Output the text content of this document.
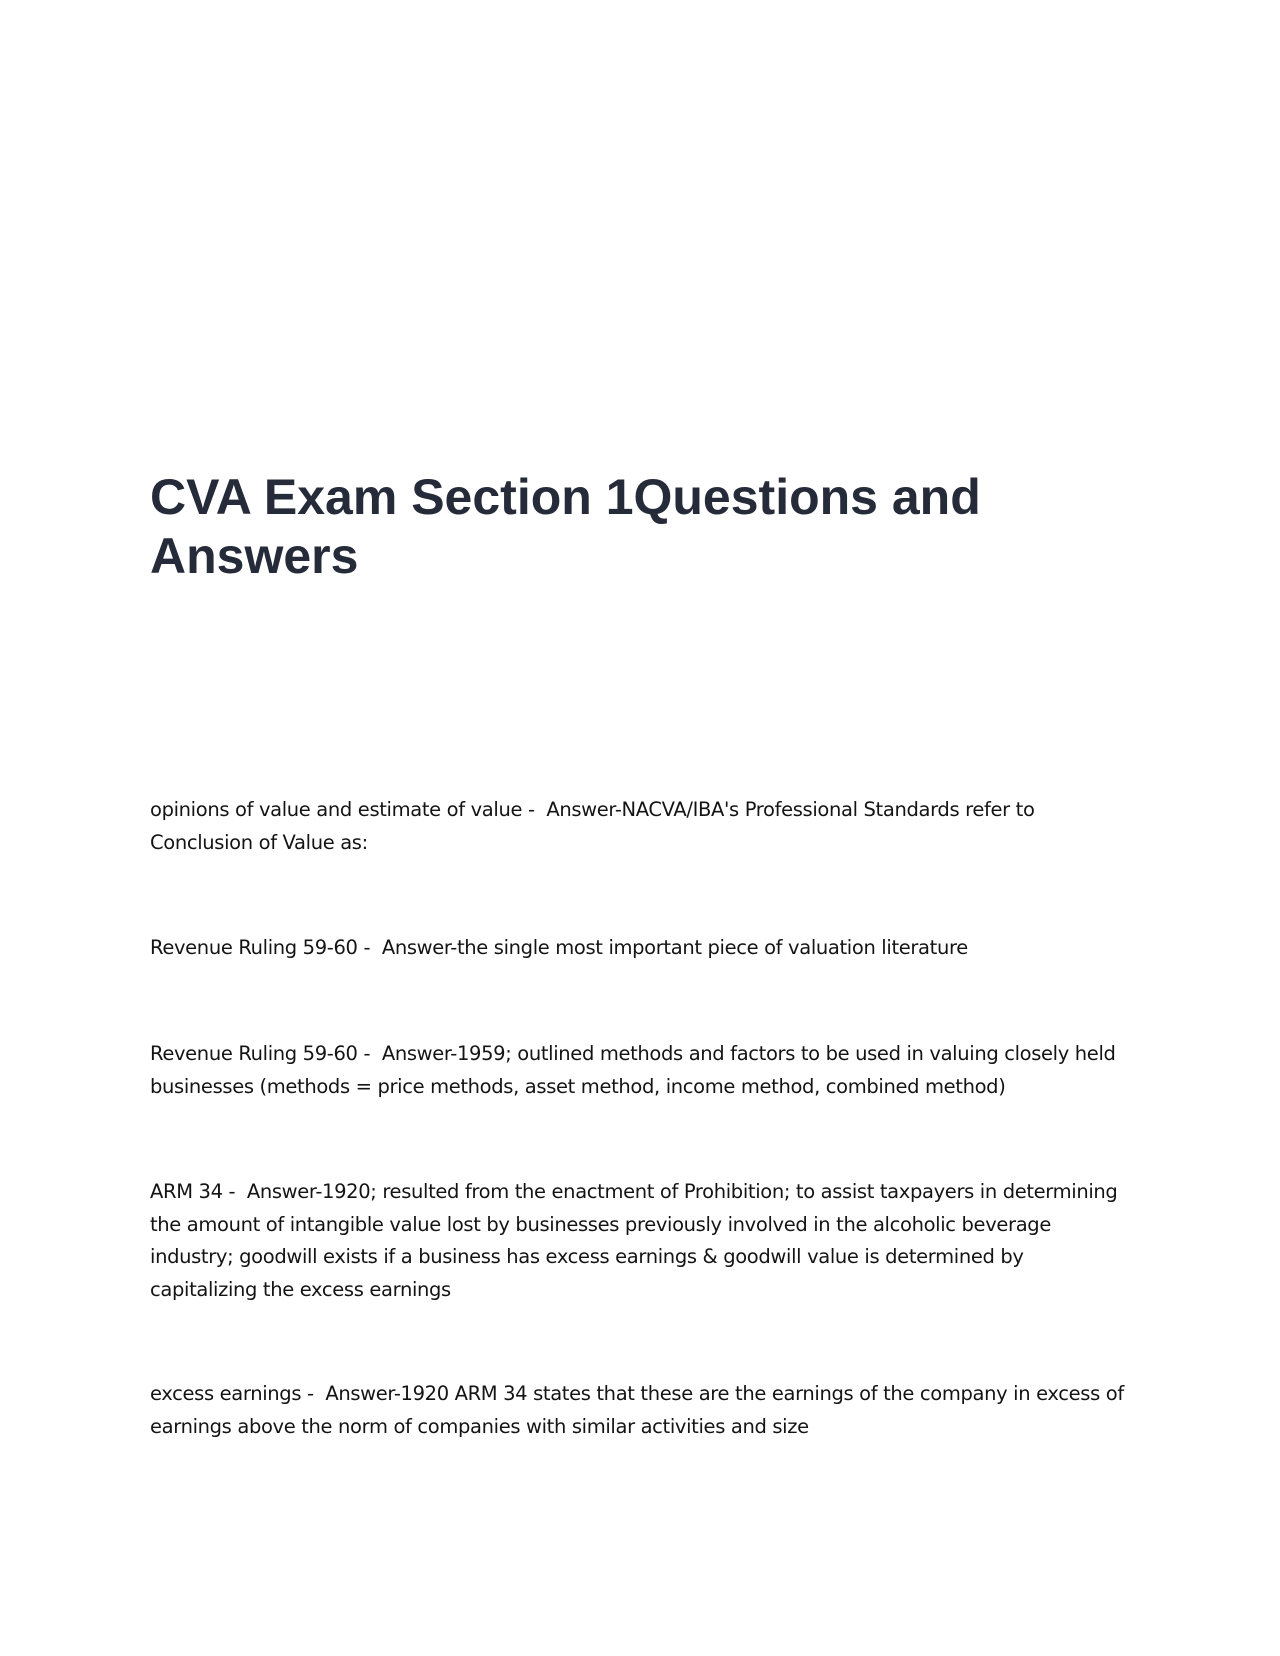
CVA Exam Section 1Questions and Answers

opinions of value and estimate of value -  Answer-NACVA/IBA's Professional Standards refer to Conclusion of Value as:

Revenue Ruling 59-60 -  Answer-the single most important piece of valuation literature

Revenue Ruling 59-60 -  Answer-1959; outlined methods and factors to be used in valuing closely held businesses (methods = price methods, asset method, income method, combined method)

ARM 34 -  Answer-1920; resulted from the enactment of Prohibition; to assist taxpayers in determining the amount of intangible value lost by businesses previously involved in the alcoholic beverage industry; goodwill exists if a business has excess earnings & goodwill value is determined by capitalizing the excess earnings

excess earnings -  Answer-1920 ARM 34 states that these are the earnings of the company in excess of earnings above the norm of companies with similar activities and size
